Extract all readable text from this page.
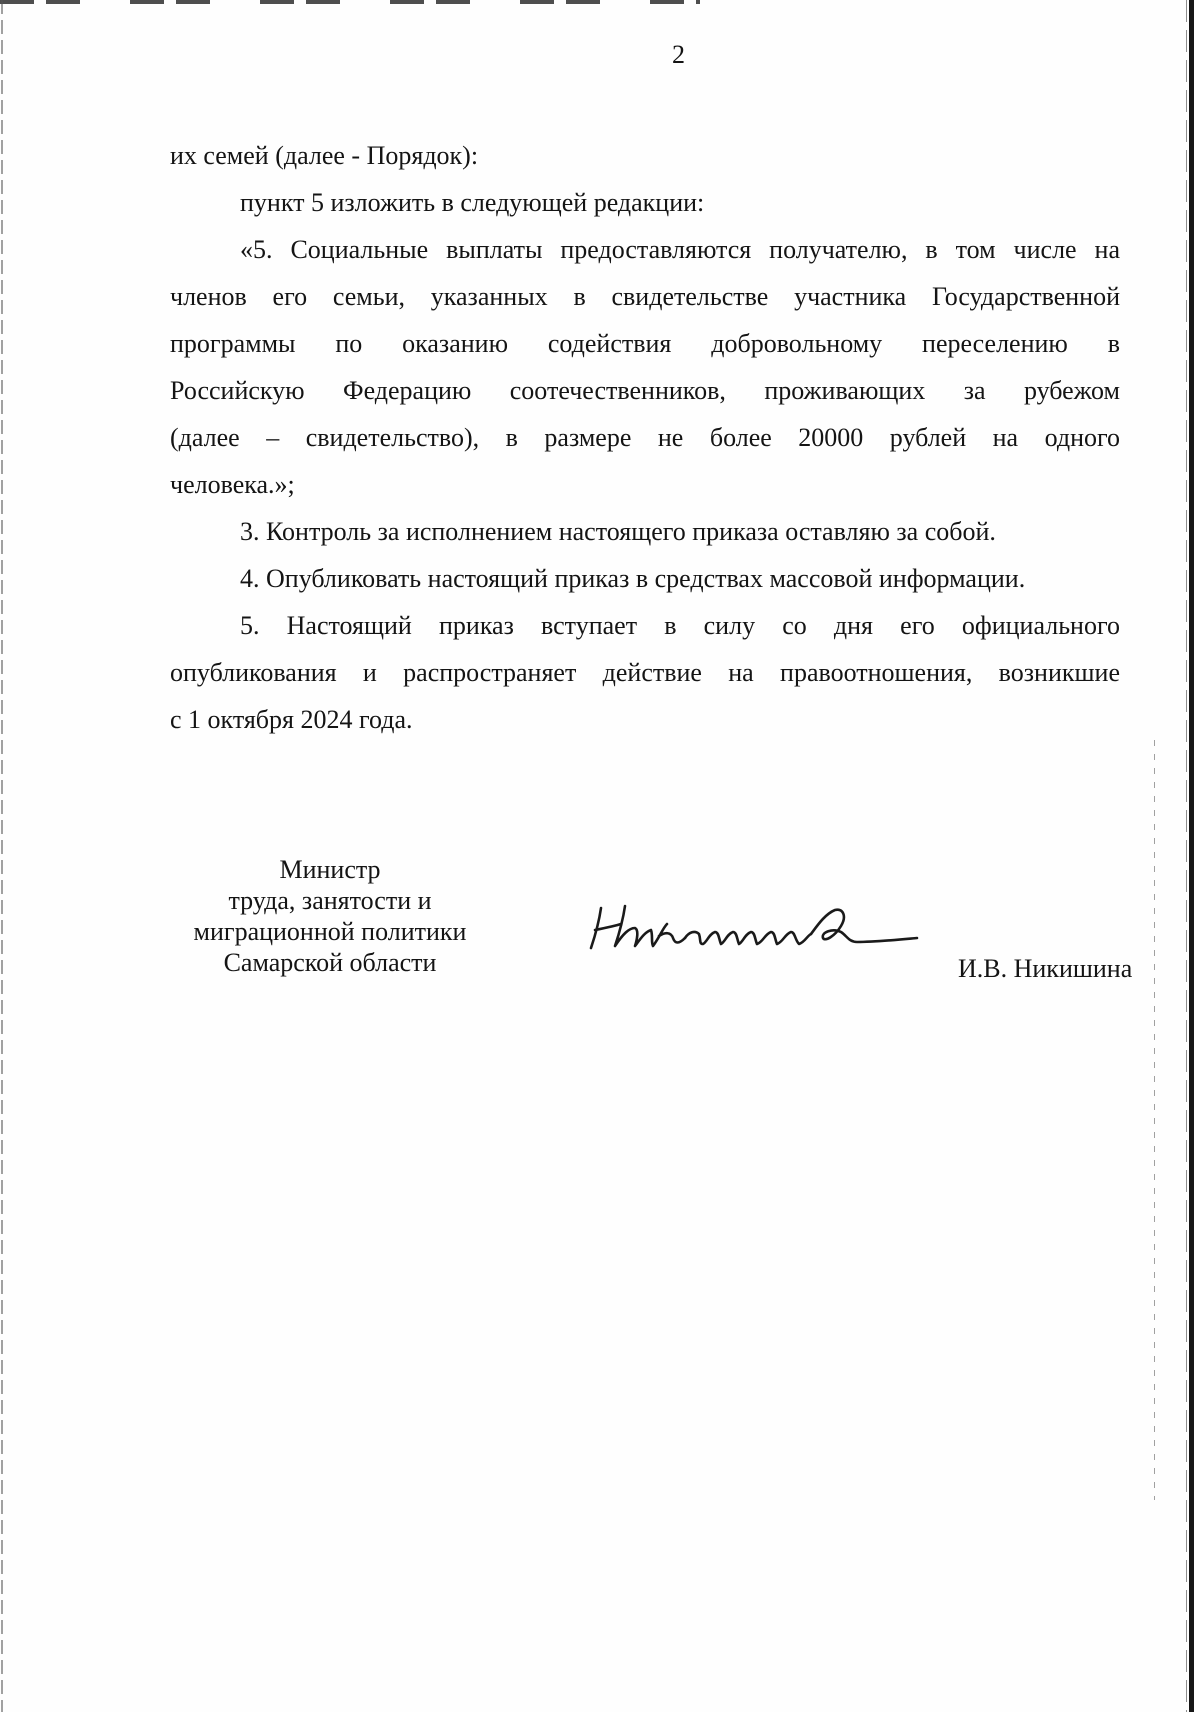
2
их семей (далее - Порядок):
пункт 5 изложить в следующей редакции:
«5. Социальные выплаты предоставляются получателю, в том числе на
членов его семьи, указанных в свидетельстве участника Государственной
программы по оказанию содействия добровольному переселению в
Российскую Федерацию соотечественников, проживающих за рубежом
(далее – свидетельство), в размере не более 20000 рублей на одного
человека.»;
3. Контроль за исполнением настоящего приказа оставляю за собой.
4. Опубликовать настоящий приказ в средствах массовой информации.
5. Настоящий приказ вступает в силу со дня его официального
опубликования и распространяет действие на правоотношения, возникшие
с 1 октября 2024 года.
Министр
труда, занятости и
миграционной политики
Самарской области	И.В. Никишина
